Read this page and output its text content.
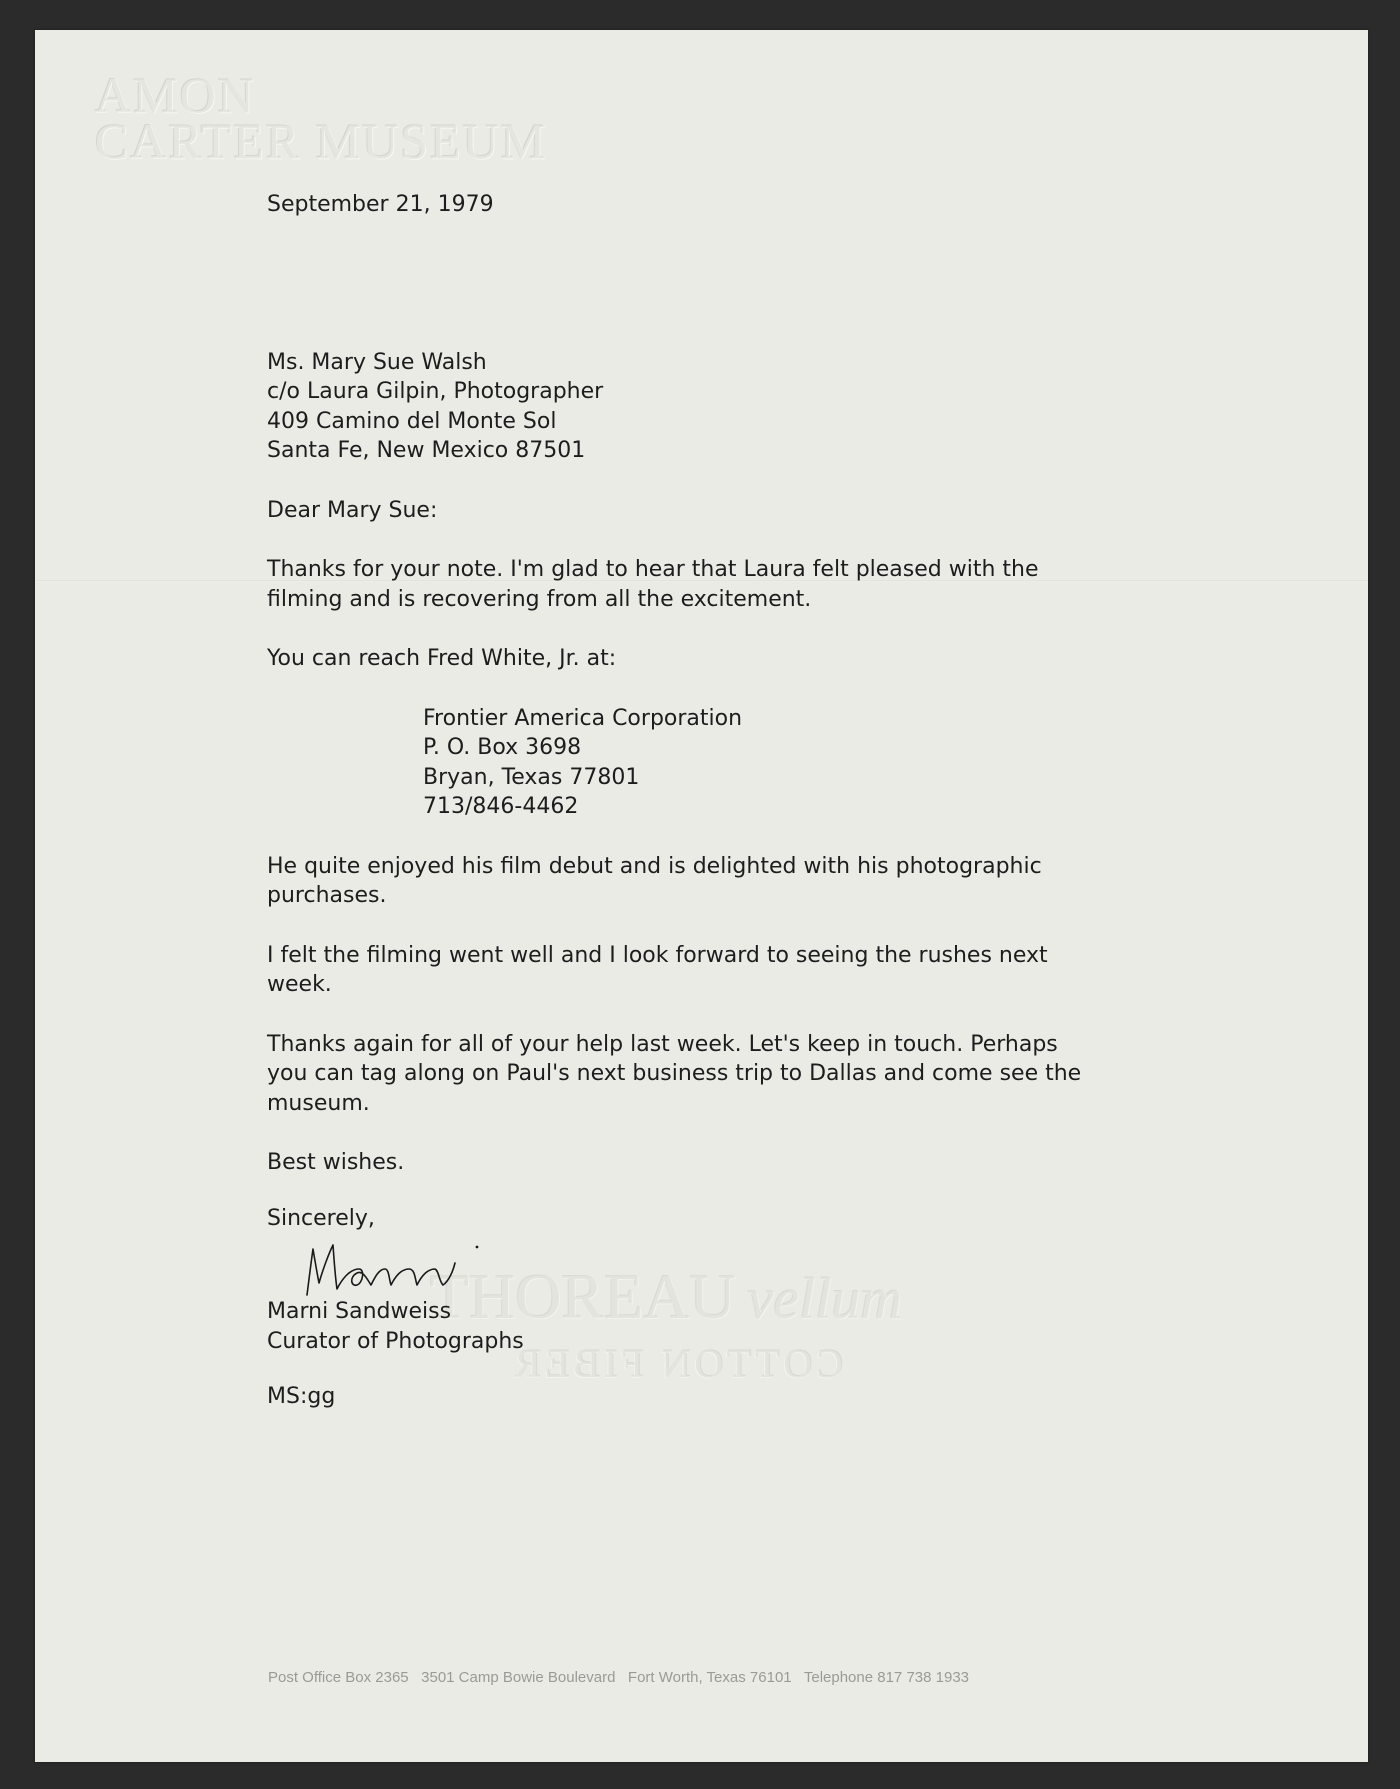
AMON
CARTER MUSEUM
THOREAU vellum
COTTON FIBER
September 21, 1979
Ms. Mary Sue Walsh
c/o Laura Gilpin, Photographer
409 Camino del Monte Sol
Santa Fe, New Mexico 87501
Dear Mary Sue:
Thanks for your note. I'm glad to hear that Laura felt pleased with the
filming and is recovering from all the excitement.
You can reach Fred White, Jr. at:
Frontier America Corporation
P. O. Box 3698
Bryan, Texas 77801
713/846-4462
He quite enjoyed his film debut and is delighted with his photographic
purchases.
I felt the filming went well and I look forward to seeing the rushes next
week.
Thanks again for all of your help last week. Let's keep in touch. Perhaps
you can tag along on Paul's next business trip to Dallas and come see the
museum.
Best wishes.
Sincerely,
Marni Sandweiss
Curator of Photographs
MS:gg
Post Office Box 2365   3501 Camp Bowie Boulevard   Fort Worth, Texas 76101   Telephone 817 738 1933
